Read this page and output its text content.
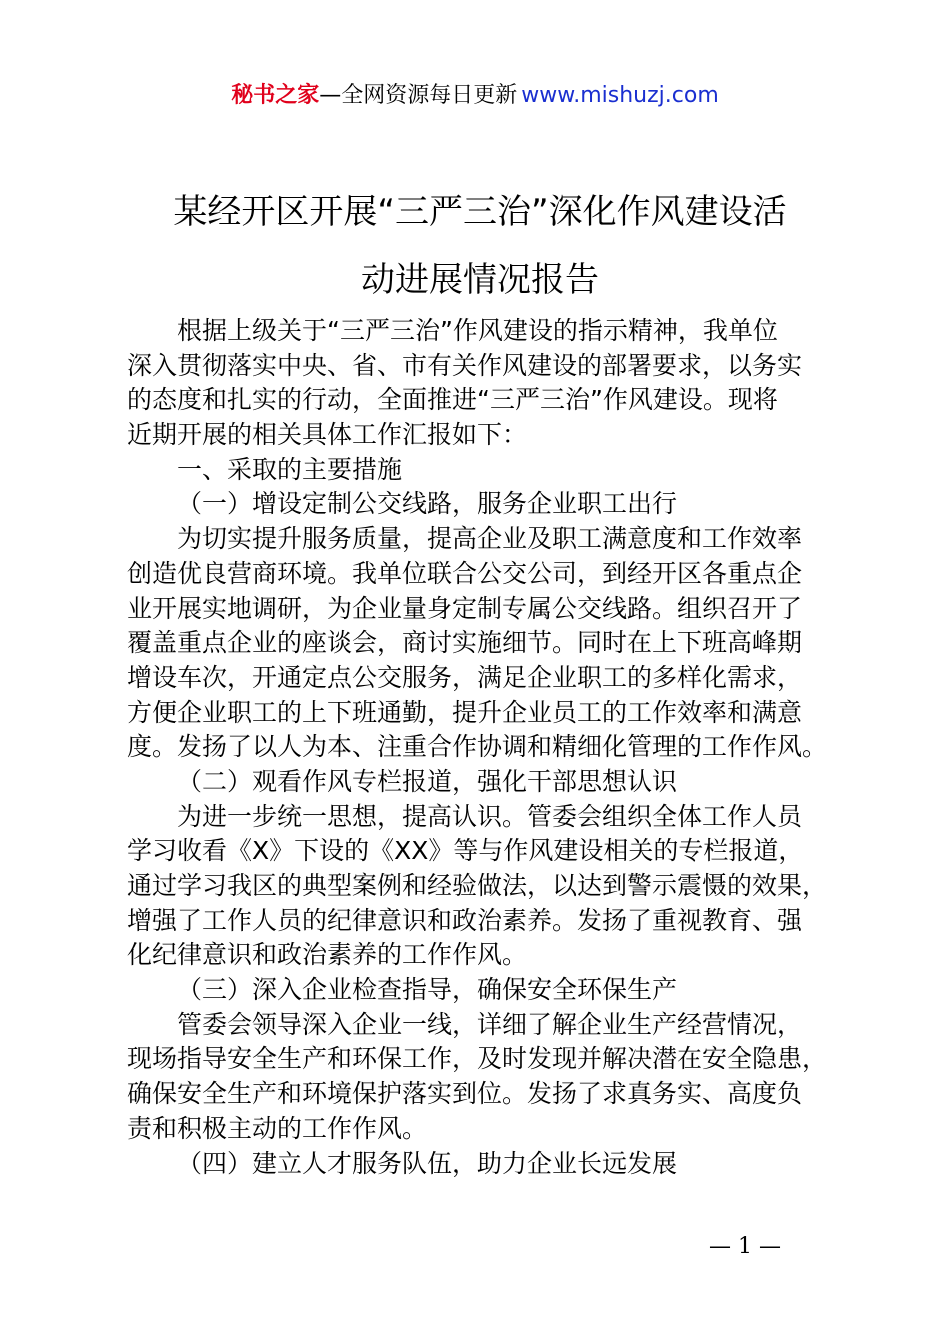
秘书之家—全网资源每日更新 www.mishuzj.com
某经开区开展“三严三治”深化作风建设活
动进展情况报告
根据上级关于“三严三治”作风建设的指示精神，我单位
深入贯彻落实中央、省、市有关作风建设的部署要求，以务实
的态度和扎实的行动，全面推进“三严三治”作风建设。现将
近期开展的相关具体工作汇报如下：
一、采取的主要措施
（一）增设定制公交线路，服务企业职工出行
为切实提升服务质量，提高企业及职工满意度和工作效率
创造优良营商环境。我单位联合公交公司，到经开区各重点企
业开展实地调研，为企业量身定制专属公交线路。组织召开了
覆盖重点企业的座谈会，商讨实施细节。同时在上下班高峰期
增设车次，开通定点公交服务，满足企业职工的多样化需求，
方便企业职工的上下班通勤，提升企业员工的工作效率和满意
度。发扬了以人为本、注重合作协调和精细化管理的工作作风。
（二）观看作风专栏报道，强化干部思想认识
为进一步统一思想，提高认识。管委会组织全体工作人员
学习收看《X》下设的《XX》等与作风建设相关的专栏报道，
通过学习我区的典型案例和经验做法，以达到警示震慑的效果，
增强了工作人员的纪律意识和政治素养。发扬了重视教育、强
化纪律意识和政治素养的工作作风。
（三）深入企业检查指导，确保安全环保生产
管委会领导深入企业一线，详细了解企业生产经营情况，
现场指导安全生产和环保工作，及时发现并解决潜在安全隐患，
确保安全生产和环境保护落实到位。发扬了求真务实、高度负
责和积极主动的工作作风。
（四）建立人才服务队伍，助力企业长远发展
— 1 —
